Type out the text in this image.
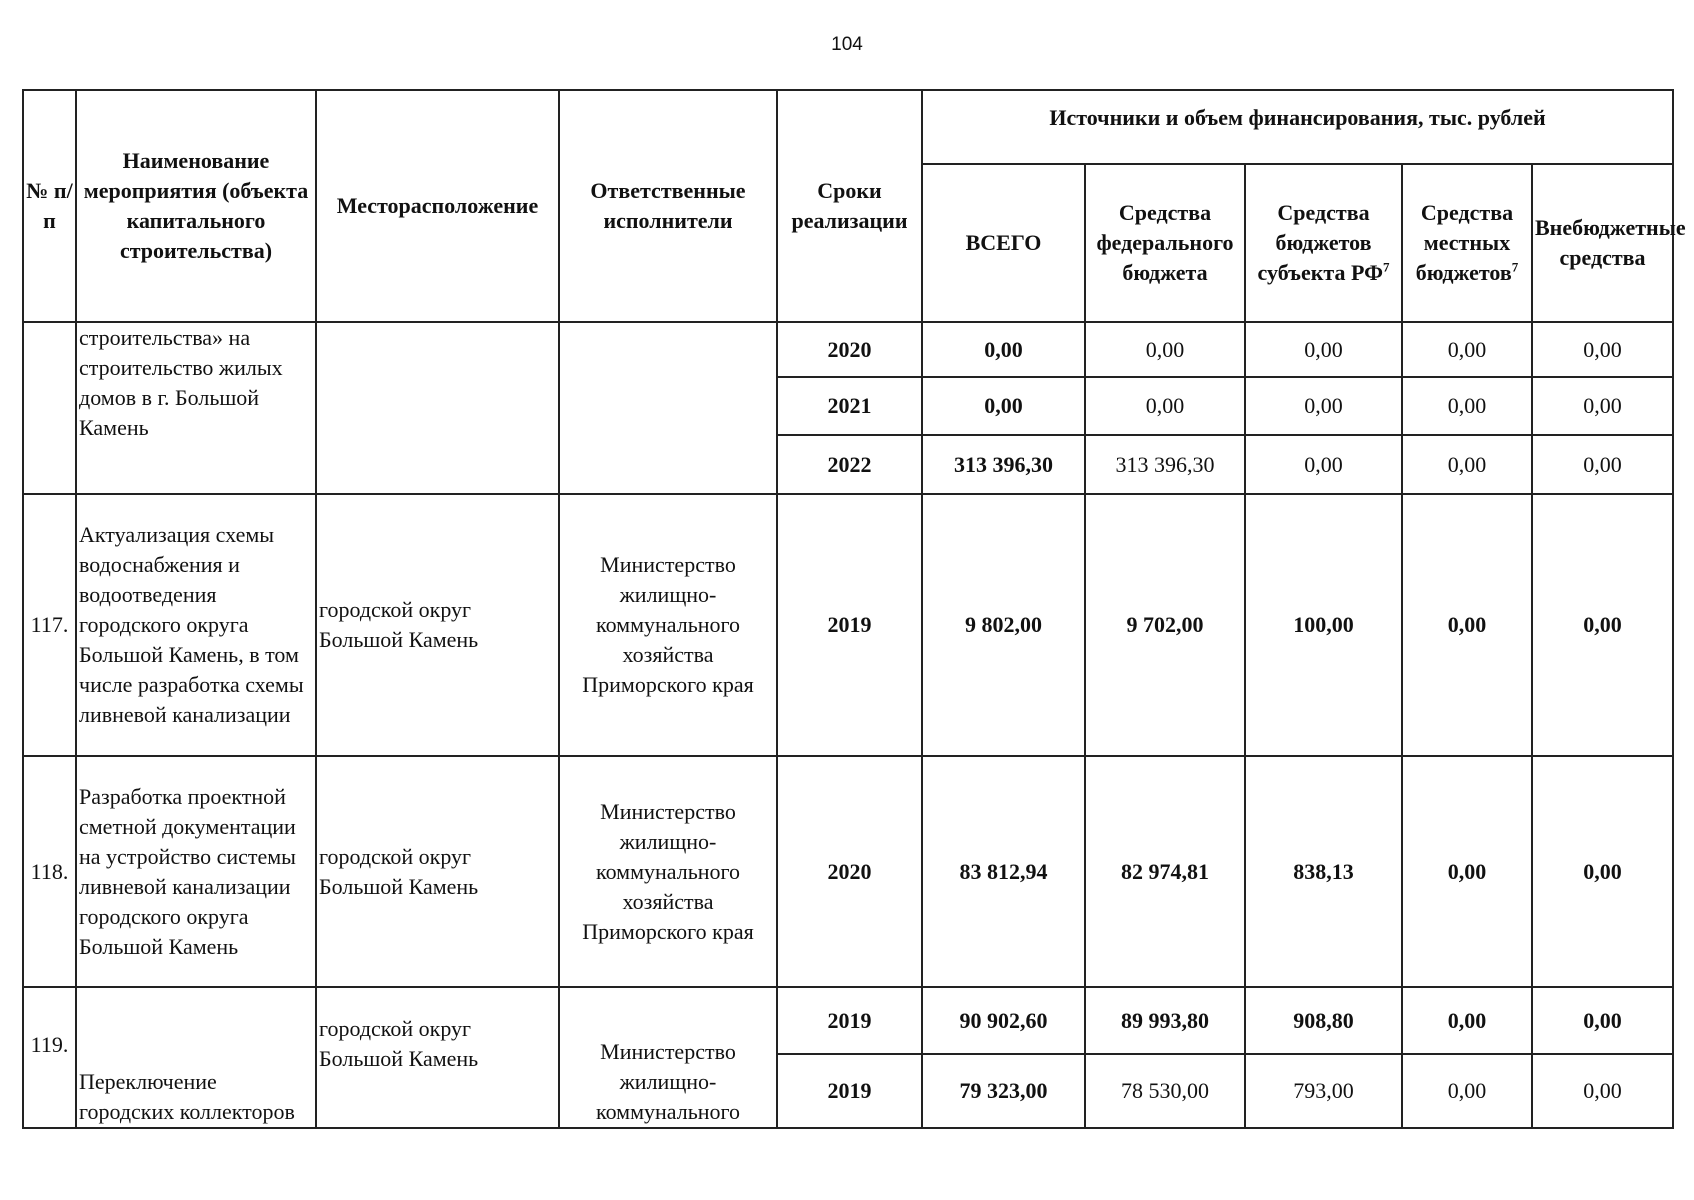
104
№ п/п	Наименование мероприятия (объекта капитального строительства)	Месторасположение	Ответственные исполнители	Сроки реализации	Источники и объем финансирования, тыс. рублей				
					ВСЕГО	Средства федерального бюджета	Средства бюджетов субъекта $РФ^7$	Средства местных бюджетов$^7$	Внебюджетные средства
	строительства» на строительство жилых домов в г. Большой Камень			2020	0,00	0,00	0,00	0,00	0,00
				2021	0,00	0,00	0,00	0,00	0,00
				2022	313 396,30	313 396,30	0,00	0,00	0,00
117.	Актуализация схемы водоснабжения и водоотведения городского округа Большой Камень, в том числе разработка схемы ливневой канализации	городской округ Большой Камень	Министерство жилищно-коммунального хозяйства Приморского края	2019	9 802,00	9 702,00	100,00	0,00	0,00
118.	Разработка проектной сметной документации на устройство системы ливневой канализации городского округа Большой Камень	городской округ Большой Камень	Министерство жилищно-коммунального хозяйства Приморского края	2020	83 812,94	82 974,81	838,13	0,00	0,00
119.	Переключение городских коллекторов	городской округ Большой Камень	Министерство жилищно-коммунального	2019	90 902,60	89 993,80	908,80	0,00	0,00
				2019	79 323,00	78 530,00	793,00	0,00	0,00
